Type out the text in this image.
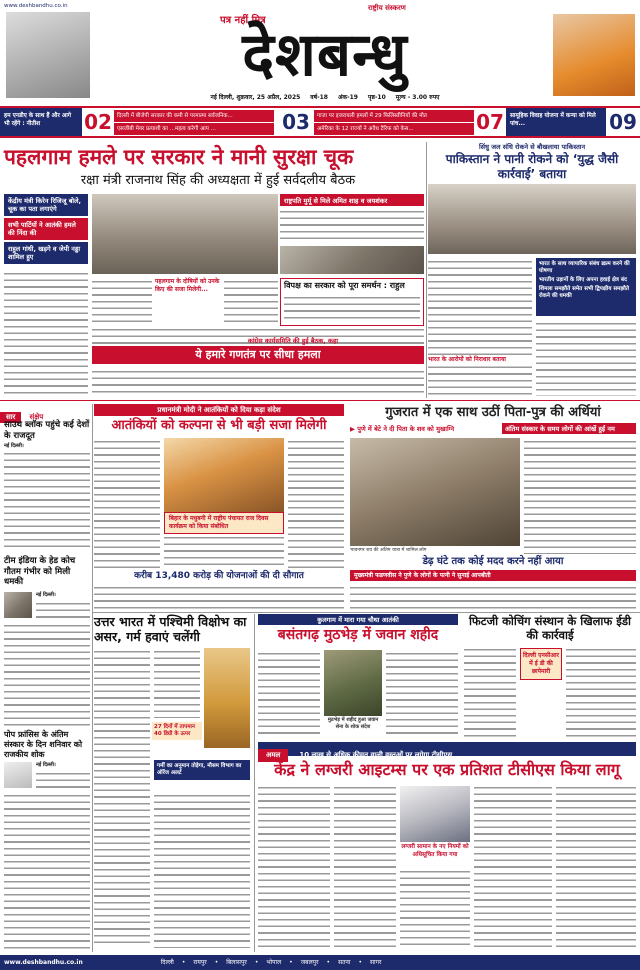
www.deshbandhu.co.in	राष्ट्रीय संस्करण
पत्र नहीं मित्र
देशबन्धु
नई दिल्ली, शुक्रवार, 25 अप्रैल, 2025 वर्ष-18 अंक-19 पृष्ठ-10 मूल्य - 3.00 रुपए
हम एनडीए के साथ हैं और आगे भी रहेंगे : नीतीश	02 दिल्ली में बीजेपी सरकार की कमी से परमात्मा सर्वजनिक...
एसजीबी मेयर प्रत्याशी का ...महत्व करेगी आप ...	03	गाजा पर इजरायली हमलों में 29 फिलिस्तीनियों की मौत
अमेरिका के 12 राज्यों ने अवैध टैरिफ को केस...	07	सामूहिक विवाह योजना में कन्या को मिले पांच...	09
पहलगाम हमले पर सरकार ने मानी सुरक्षा चूक
रक्षा मंत्री राजनाथ सिंह की अध्यक्षता में हुई सर्वदलीय बैठक
केंद्रीय मंत्री किरेन रिजिजू बोले, चूक का पता लगाएंगे
सभी पार्टियों ने आतंकी हमले की निंदा की
राहुल गांधी, खड़गे व जेपी नड्डा शामिल हुए
राष्ट्रपति मुर्मू से मिले अमित शाह व जयशंकर
पहलगाम के दोषियों को उनके किए की सजा मिलेगी...	विपक्ष का सरकार को पूरा समर्थन : राहुल
कांग्रेस कार्यसमिति की हुई बैठक, कहा
ये हमारे गणतंत्र पर सीधा हमला
सिंधु जल संधि रोकने से बौखलाया पाकिस्तान
पाकिस्तान ने पानी रोकने को ‘युद्ध जैसी कार्रवाई’ बताया
भारत के साथ व्यापारिक संबंध ख़त्म करने की घोषणा
भारतीय उड़ानों के लिए अपना हवाई क्षेत्र बंद
शिमला समझौते समेत सभी द्विपक्षीय समझौते रोकने की धमकी
भारत के आरोपों को निराधार बताया
सार संक्षेप
साउथ ब्लॉक पहुंचे कई देशों के राजदूत
नई दिल्ली।
टीम इंडिया के हेड कोच गौतम गंभीर को मिली धमकी
नई दिल्ली।
पोप फ्रांसिस के अंतिम संस्कार के दिन शनिवार को राजकीय शोक
नई दिल्ली।
प्रधानमंत्री मोदी ने आतंकियों को दिया कड़ा संदेश
आतंकियों को कल्पना से भी बड़ी सजा मिलेगी
बिहार के मधुबनी में राष्ट्रीय पंचायत राज दिवस कार्यक्रम को किया संबोधित
करीब 13,480 करोड़ की योजनाओं की दी सौगात
गुजरात में एक साथ उठीं पिता-पुत्र की अर्थियां
▶ पुणे में बेटे ने दी पिता के शव को मुखाग्नि	अंतिम संस्कार के समय लोगों की आंखें हुईं नम
भावनगर शव की अंतिम यात्रा में शामिल लोग
डेढ़ घंटे तक कोई मदद करने नहीं आया
मुख्यमंत्री फडणवीस ने पुणे के लोगों के पत्नी ने सुनाई आपबीती
उत्तर भारत में पश्चिमी विक्षोभ का असर, गर्म हवाएं चलेंगी
27 दिनों में तापमान 40 डिग्री के ऊपर
गर्मी का अनुमान तोड़ेगा, मौसम विभाग का ऑरेंज अलर्ट
कुलगाम में मारा गया चौथा आतंकी
बसंतगढ़ मुठभेड़ में जवान शहीद
मुठभेड़ में शहीद हुआ जवान सेना के शोक संदेश
फिटजी कोचिंग संस्थान के खिलाफ ईडी की कार्रवाई
दिल्ली एनसीआर में ई डी की छापेमारी
अमल	10 लाख से अधिक कीमत वाली वस्तुओं पर लगेगा टीसीएस
केंद्र ने लग्जरी आइटम्स पर एक प्रतिशत टीसीएस किया लागू
लग्जरी सामान के नए नियमों को अधिसूचित किया गया
www.deshbandhu.co.in	दिल्ली • रायपुर • बिलासपुर • भोपाल • जबलपुर • सतना • सागर
